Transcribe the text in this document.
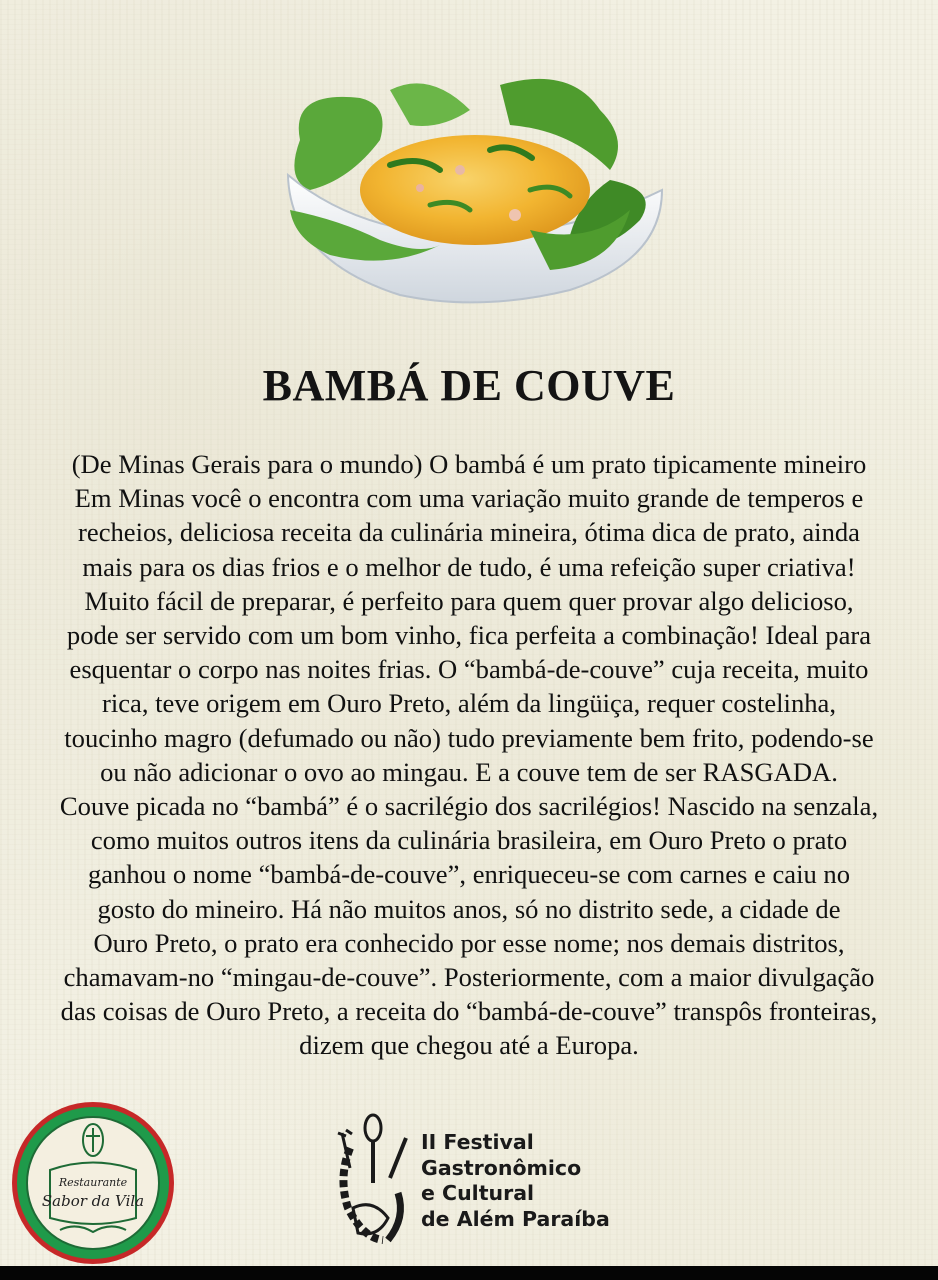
BAMBÁ DE COUVE
(De Minas Gerais para o mundo) O bambá é um prato tipicamente mineiro
Em Minas você o encontra com uma variação muito grande de temperos e
recheios, deliciosa receita da culinária mineira, ótima dica de prato, ainda
mais para os dias frios e o melhor de tudo, é uma refeição super criativa!
Muito fácil de preparar, é perfeito para quem quer provar algo delicioso,
pode ser servido com um bom vinho, fica perfeita a combinação! Ideal para
esquentar o corpo nas noites frias. O “bambá-de-couve” cuja receita, muito
rica, teve origem em Ouro Preto, além da lingüiça, requer costelinha,
toucinho magro (defumado ou não) tudo previamente bem frito, podendo-se
ou não adicionar o ovo ao mingau. E a couve tem de ser RASGADA.
Couve picada no “bambá” é o sacrilégio dos sacrilégios! Nascido na senzala,
como muitos outros itens da culinária brasileira, em Ouro Preto o prato
ganhou o nome “bambá-de-couve”, enriqueceu-se com carnes e caiu no
gosto do mineiro. Há não muitos anos, só no distrito sede, a cidade de
Ouro Preto, o prato era conhecido por esse nome; nos demais distritos,
chamavam-no “mingau-de-couve”. Posteriormente, com a maior divulgação
das coisas de Ouro Preto, a receita do “bambá-de-couve” transpôs fronteiras,
dizem que chegou até a Europa.
Restaurante
Sabor da Vila
II Festival
Gastronômico
e Cultural
de Além Paraíba
